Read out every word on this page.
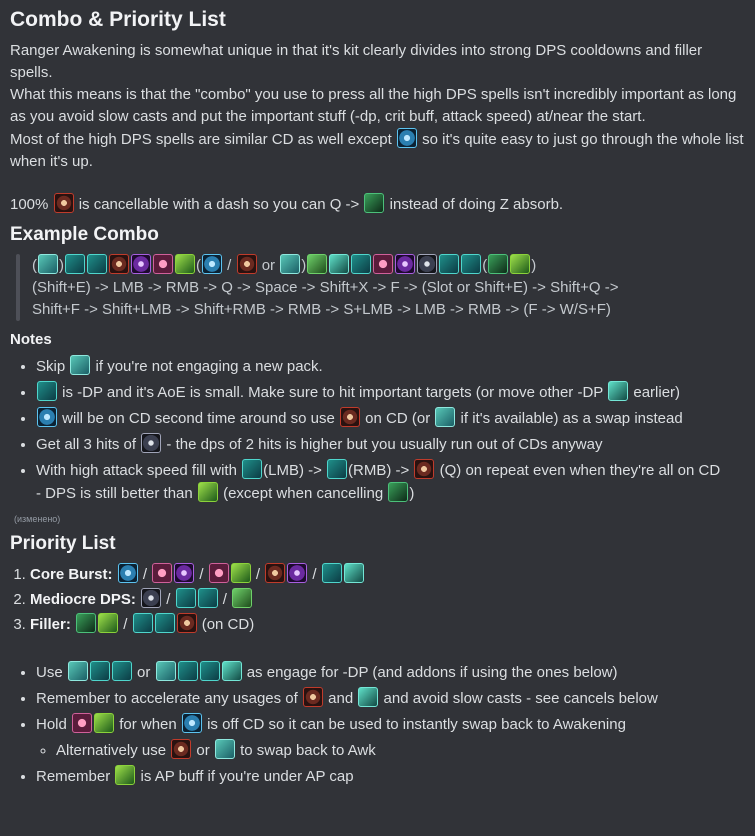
Combo & Priority List

Ranger Awakening is somewhat unique in that it's kit clearly divides into strong DPS cooldowns and filler spells.

What this means is that the "combo" you use to press all the high DPS spells isn't incredibly important as long as you avoid slow casts and put the important stuff (-dp, crit buff, attack speed) at/near the start.

Most of the high DPS spells are similar CD as well except so it's quite easy to just go through the whole list when it's up.

100% is cancellable with a dash so you can Q -> instead of doing Z absorb.

Example Combo
( )	( /  or )	(	)
(Shift+E) -> LMB -> RMB -> Q -> Space -> Shift+X -> F -> (Slot or Shift+E) -> Shift+Q ->
Shift+F -> Shift+LMB -> Shift+RMB -> RMB -> S+LMB -> LMB -> RMB -> (F -> W/S+F)
Notes
• Skip if you're not engaging a new pack.
• is -DP and it's AoE is small. Make sure to hit important targets (or move other -DP earlier)
• will be on CD second time around so use on CD (or if it's available) as a swap instead
• Get all 3 hits of - the dps of 2 hits is higher but you usually run out of CDs anyway
• With high attack speed fill with (LMB) -> (RMB) -> (Q) on repeat even when they're all on CD
- DPS is still better than (except when cancelling )
(изменено)
Priority List
1. Core Burst: /	/	/	/
2. Mediocre DPS: /	/
3. Filler:	/	(on CD)
• Use	or	as engage for -DP (and addons if using the ones below)
• Remember to accelerate any usages of and and avoid slow casts - see cancels below
• Hold	for when is off CD so it can be used to instantly swap back to Awakening
◦ Alternatively use or to swap back to Awk
• Remember is AP buff if you're under AP cap
